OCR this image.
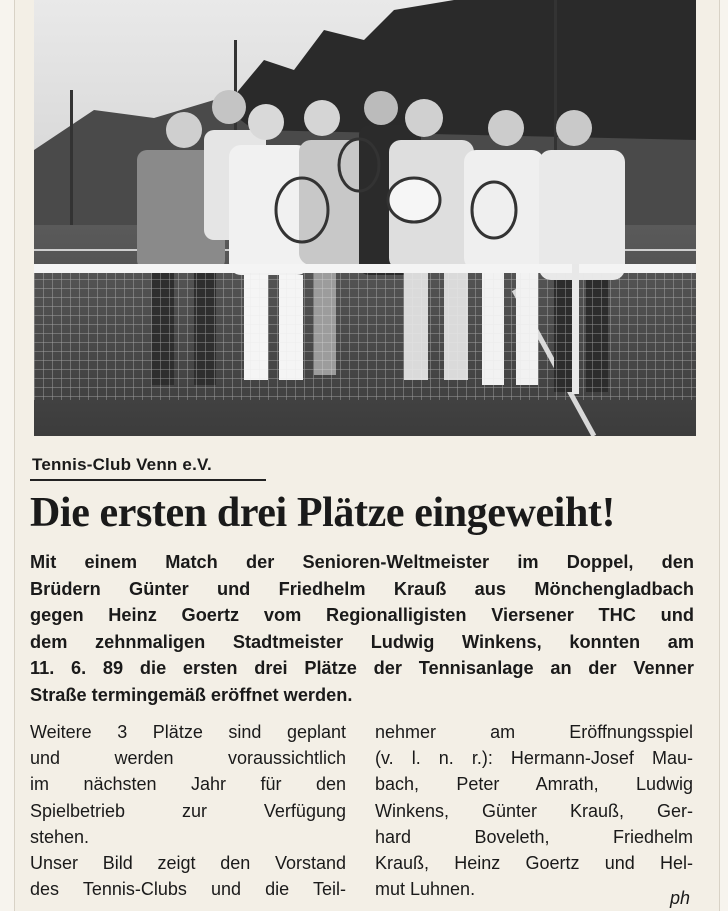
Tennis-Club Venn e.V.
Die ersten drei Plätze eingeweiht!
Mit einem Match der Senioren-Weltmeister im Doppel, den
Brüdern Günter und Friedhelm Krauß aus Mönchengladbach
gegen Heinz Goertz vom Regionalligisten Viersener THC und
dem zehnmaligen Stadtmeister Ludwig Winkens, konnten am
11. 6. 89 die ersten drei Plätze der Tennisanlage an der Venner
Straße termingemäß eröffnet werden.
Weitere 3 Plätze sind geplant
und werden voraussichtlich
im nächsten Jahr für den
Spielbetrieb zur Verfügung
stehen.
Unser Bild zeigt den Vorstand
des Tennis-Clubs und die Teil-
nehmer am Eröffnungsspiel
(v. l. n. r.): Hermann-Josef Mau-
bach, Peter Amrath, Ludwig
Winkens, Günter Krauß, Ger-
hard Boveleth, Friedhelm
Krauß, Heinz Goertz und Hel-
mut Luhnen.	ph
